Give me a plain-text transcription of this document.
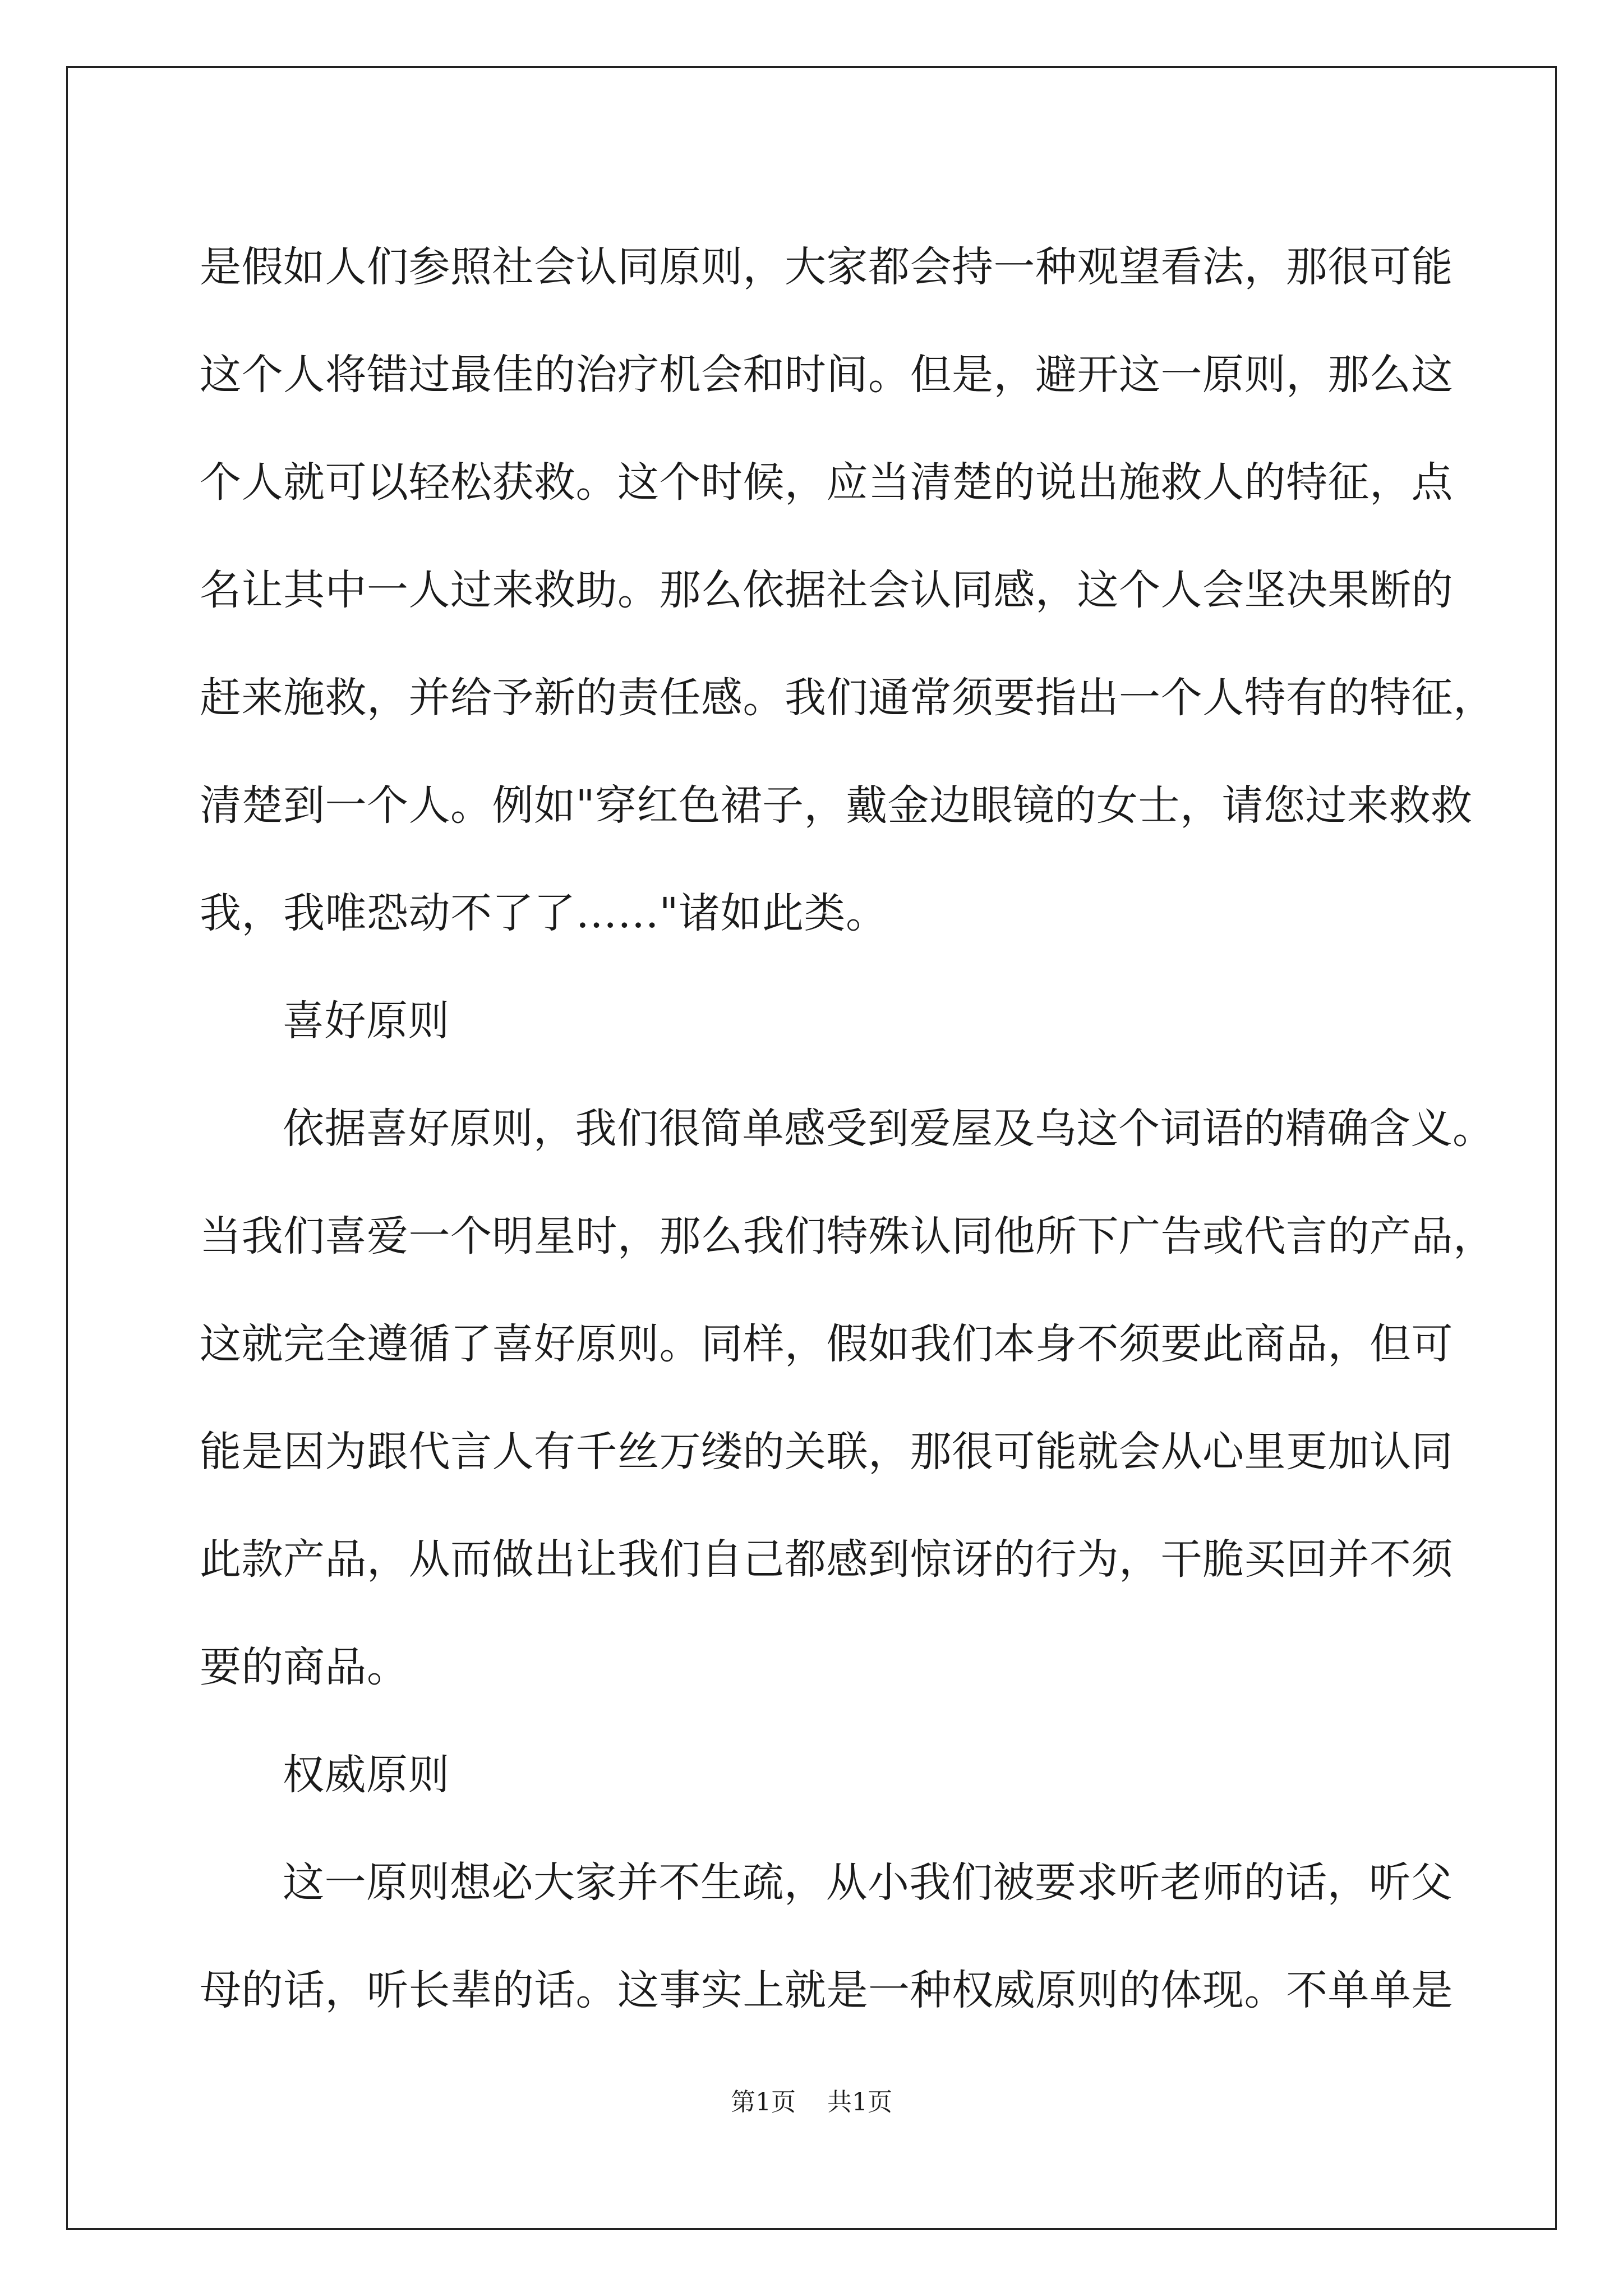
是假如人们参照社会认同原则，大家都会持一种观望看法，那很可能
这个人将错过最佳的治疗机会和时间。但是，避开这一原则，那么这
个人就可以轻松获救。这个时候，应当清楚的说出施救人的特征，点
名让其中一人过来救助。那么依据社会认同感，这个人会坚决果断的
赶来施救，并给予新的责任感。我们通常须要指出一个人特有的特征，
清楚到一个人。例如"穿红色裙子，戴金边眼镜的女士，请您过来救救
我，我唯恐动不了了……"诸如此类。
喜好原则
依据喜好原则，我们很简单感受到爱屋及乌这个词语的精确含义。
当我们喜爱一个明星时，那么我们特殊认同他所下广告或代言的产品，
这就完全遵循了喜好原则。同样，假如我们本身不须要此商品，但可
能是因为跟代言人有千丝万缕的关联，那很可能就会从心里更加认同
此款产品，从而做出让我们自己都感到惊讶的行为，干脆买回并不须
要的商品。
权威原则
这一原则想必大家并不生疏，从小我们被要求听老师的话，听父
母的话，听长辈的话。这事实上就是一种权威原则的体现。不单单是
第1页 共1页
